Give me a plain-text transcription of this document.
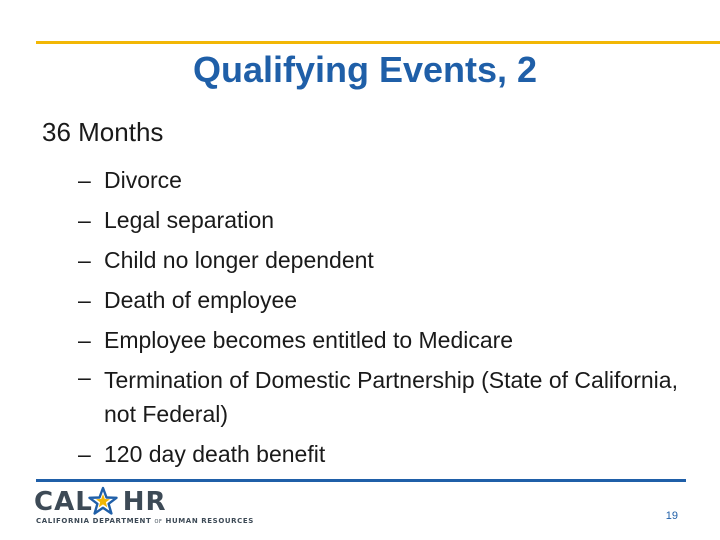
Qualifying Events, 2
36 Months
– Divorce
– Legal separation
– Child no longer dependent
– Death of employee
– Employee becomes entitled to Medicare
– Termination of Domestic Partnership (State of California, not Federal)
– 120 day death benefit
CAL HR
CALIFORNIA DEPARTMENT OF HUMAN RESOURCES	19
